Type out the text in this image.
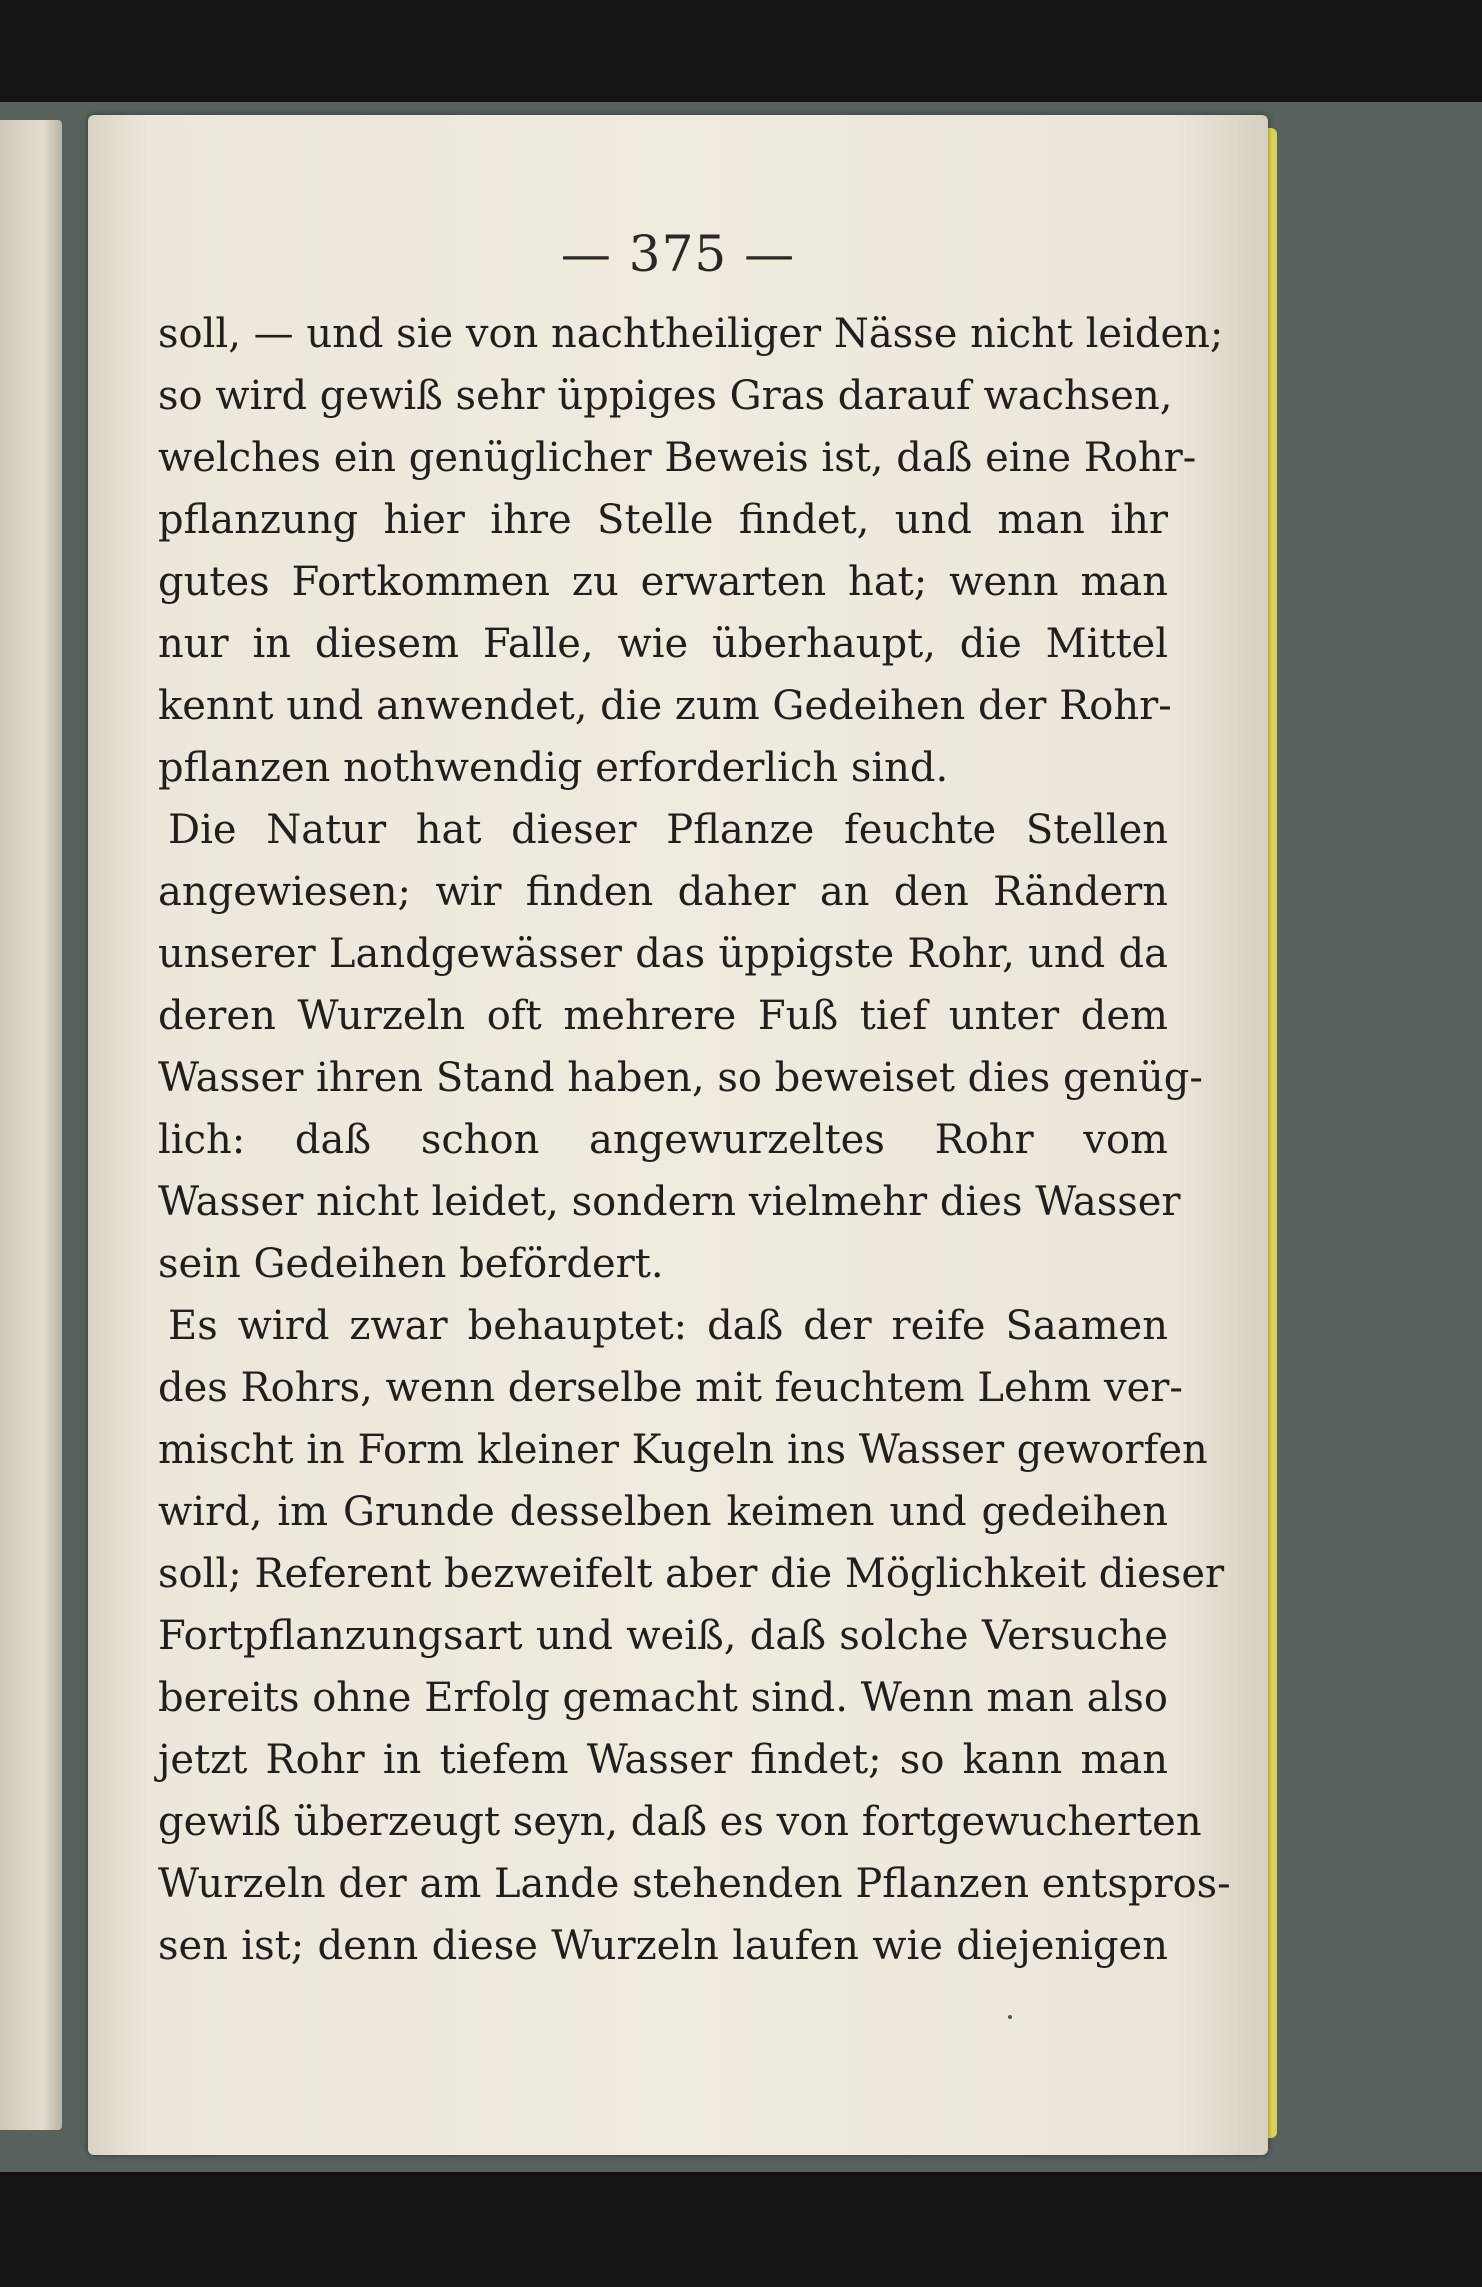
— 375 —
soll, — und sie von nachtheiliger Nässe nicht leiden;
so wird gewiß sehr üppiges Gras darauf wachsen,
welches ein genüglicher Beweis ist, daß eine Rohr-
pflanzung hier ihre Stelle findet, und man ihr
gutes Fortkommen zu erwarten hat; wenn man
nur in diesem Falle, wie überhaupt, die Mittel
kennt und anwendet, die zum Gedeihen der Rohr-
pflanzen nothwendig erforderlich sind.
Die Natur hat dieser Pflanze feuchte Stellen
angewiesen; wir finden daher an den Rändern
unserer Landgewässer das üppigste Rohr, und da
deren Wurzeln oft mehrere Fuß tief unter dem
Wasser ihren Stand haben, so beweiset dies genüg-
lich: daß schon angewurzeltes Rohr vom
Wasser nicht leidet, sondern vielmehr dies Wasser
sein Gedeihen befördert.
Es wird zwar behauptet: daß der reife Saamen
des Rohrs, wenn derselbe mit feuchtem Lehm ver-
mischt in Form kleiner Kugeln ins Wasser geworfen
wird, im Grunde desselben keimen und gedeihen
soll; Referent bezweifelt aber die Möglichkeit dieser
Fortpflanzungsart und weiß, daß solche Versuche
bereits ohne Erfolg gemacht sind. Wenn man also
jetzt Rohr in tiefem Wasser findet; so kann man
gewiß überzeugt seyn, daß es von fortgewucherten
Wurzeln der am Lande stehenden Pflanzen entspros-
sen ist; denn diese Wurzeln laufen wie diejenigen
